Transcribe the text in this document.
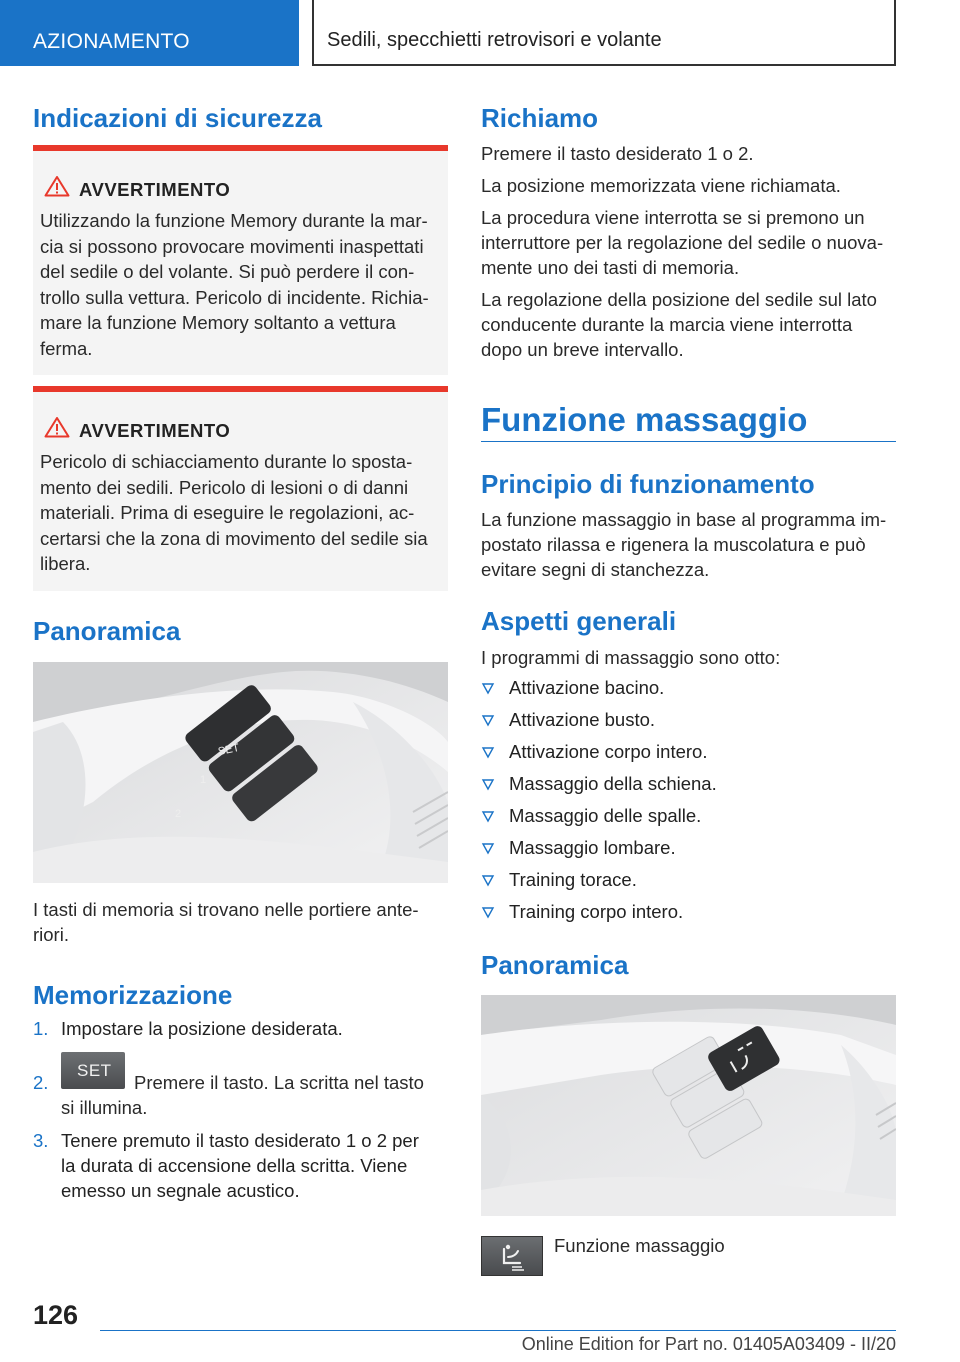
AZIONAMENTO	Sedili, specchietti retrovisori e volante
Indicazioni di sicurezza
AVVERTIMENTO
Utilizzando la funzione Memory durante la mar-
cia si possono provocare movimenti inaspettati
del sedile o del volante. Si può perdere il con-
trollo sulla vettura. Pericolo di incidente. Richia-
mare la funzione Memory soltanto a vettura
ferma.
AVVERTIMENTO
Pericolo di schiacciamento durante lo sposta-
mento dei sedili. Pericolo di lesioni o di danni
materiali. Prima di eseguire le regolazioni, ac-
certarsi che la zona di movimento del sedile sia
libera.
Panoramica
SET
1
2
I tasti di memoria si trovano nelle portiere ante-
riori.
Memorizzazione
1. Impostare la posizione desiderata.
2.
SET
Premere il tasto. La scritta nel tasto
si illumina.
3. Tenere premuto il tasto desiderato 1 o 2 per
la durata di accensione della scritta. Viene
emesso un segnale acustico.
Richiamo
Premere il tasto desiderato 1 o 2.
La posizione memorizzata viene richiamata.
La procedura viene interrotta se si premono un
interruttore per la regolazione del sedile o nuova-
mente uno dei tasti di memoria.
La regolazione della posizione del sedile sul lato
conducente durante la marcia viene interrotta
dopo un breve intervallo.
Funzione massaggio
Principio di funzionamento
La funzione massaggio in base al programma im-
postato rilassa e rigenera la muscolatura e può
evitare segni di stanchezza.
Aspetti generali
I programmi di massaggio sono otto:
Attivazione bacino.
Attivazione busto.
Attivazione corpo intero.
Massaggio della schiena.
Massaggio delle spalle.
Massaggio lombare.
Training torace.
Training corpo intero.
Panoramica
Funzione massaggio
126
Online Edition for Part no. 01405A03409 - II/20
